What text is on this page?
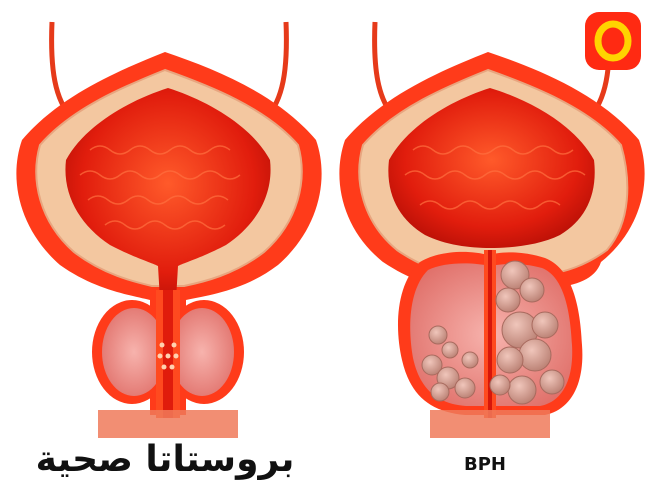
بروستاتا صحية	BPH
